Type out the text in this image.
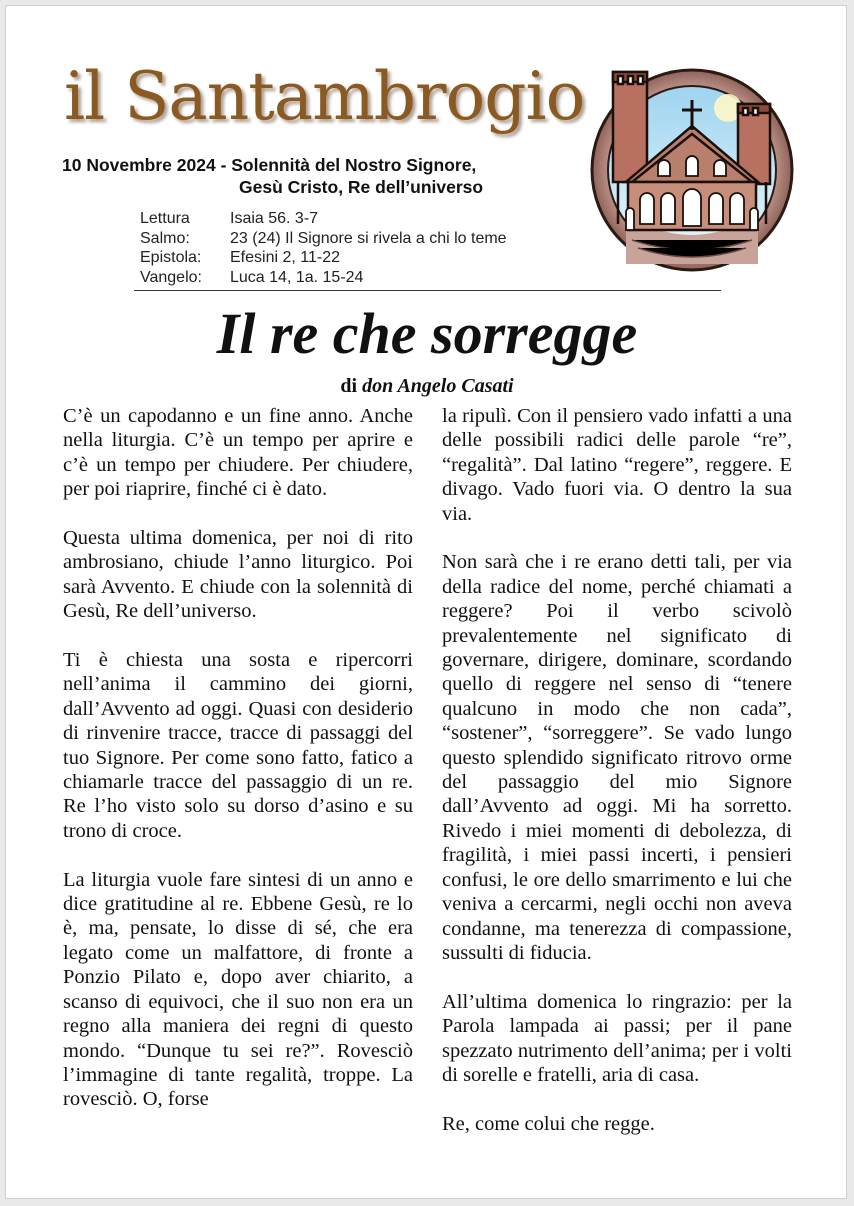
il Santambrogio
10 Novembre 2024 - Solennità del Nostro Signore,
Gesù Cristo, Re dell’universo
Lettura	Isaia 56. 3-7
Salmo:	23 (24) Il Signore si rivela a chi lo teme
Epistola:	Efesini 2, 11-22
Vangelo:	Luca 14, 1a. 15-24
Il re che sorregge
di don Angelo Casati

C’è un capodanno e un fine anno. Anche nella liturgia. C’è un tempo per aprire e c’è un tempo per chiudere. Per chiudere, per poi riaprire, finché ci è dato.

Questa ultima domenica, per noi di rito ambrosiano, chiude l’anno liturgico. Poi sarà Avvento. E chiude con la solennità di Gesù, Re dell’universo.

Ti è chiesta una sosta e ripercorri nell’anima il cammino dei giorni, dall’Avvento ad oggi. Quasi con desiderio di rinvenire tracce, tracce di passaggi del tuo Signore. Per come sono fatto, fatico a chiamarle tracce del passaggio di un re. Re l’ho visto solo su dorso d’asino e su trono di croce.

La liturgia vuole fare sintesi di un anno e dice gratitudine al re. Ebbene Gesù, re lo è, ma, pensate, lo disse di sé, che era legato come un malfattore, di fronte a Ponzio Pilato e, dopo aver chiarito, a scanso di equivoci, che il suo non era un regno alla maniera dei regni di questo mondo. “Dunque tu sei re?”. Rovesciò l’immagine di tante regalità, troppe. La rovesciò. O, forse

la ripulì. Con il pensiero vado infatti a una delle possibili radici delle parole “re”, “regalità”. Dal latino “regere”, reggere. E divago. Vado fuori via. O dentro la sua via.

Non sarà che i re erano detti tali, per via della radice del nome, perché chiamati a reggere? Poi il verbo scivolò prevalentemente nel significato di governare, dirigere, dominare, scordando quello di reggere nel senso di “tenere qualcuno in modo che non cada”, “sostener”, “sorreggere”. Se vado lungo questo splendido significato ritrovo orme del passaggio del mio Signore dall’Avvento ad oggi. Mi ha sorretto. Rivedo i miei momenti di debolezza, di fragilità, i miei passi incerti, i pensieri confusi, le ore dello smarrimento e lui che veniva a cercarmi, negli occhi non aveva condanne, ma tenerezza di compassione, sussulti di fiducia.

All’ultima domenica lo ringrazio: per la Parola lampada ai passi; per il pane spezzato nutrimento dell’anima; per i volti di sorelle e fratelli, aria di casa.

Re, come colui che regge.
